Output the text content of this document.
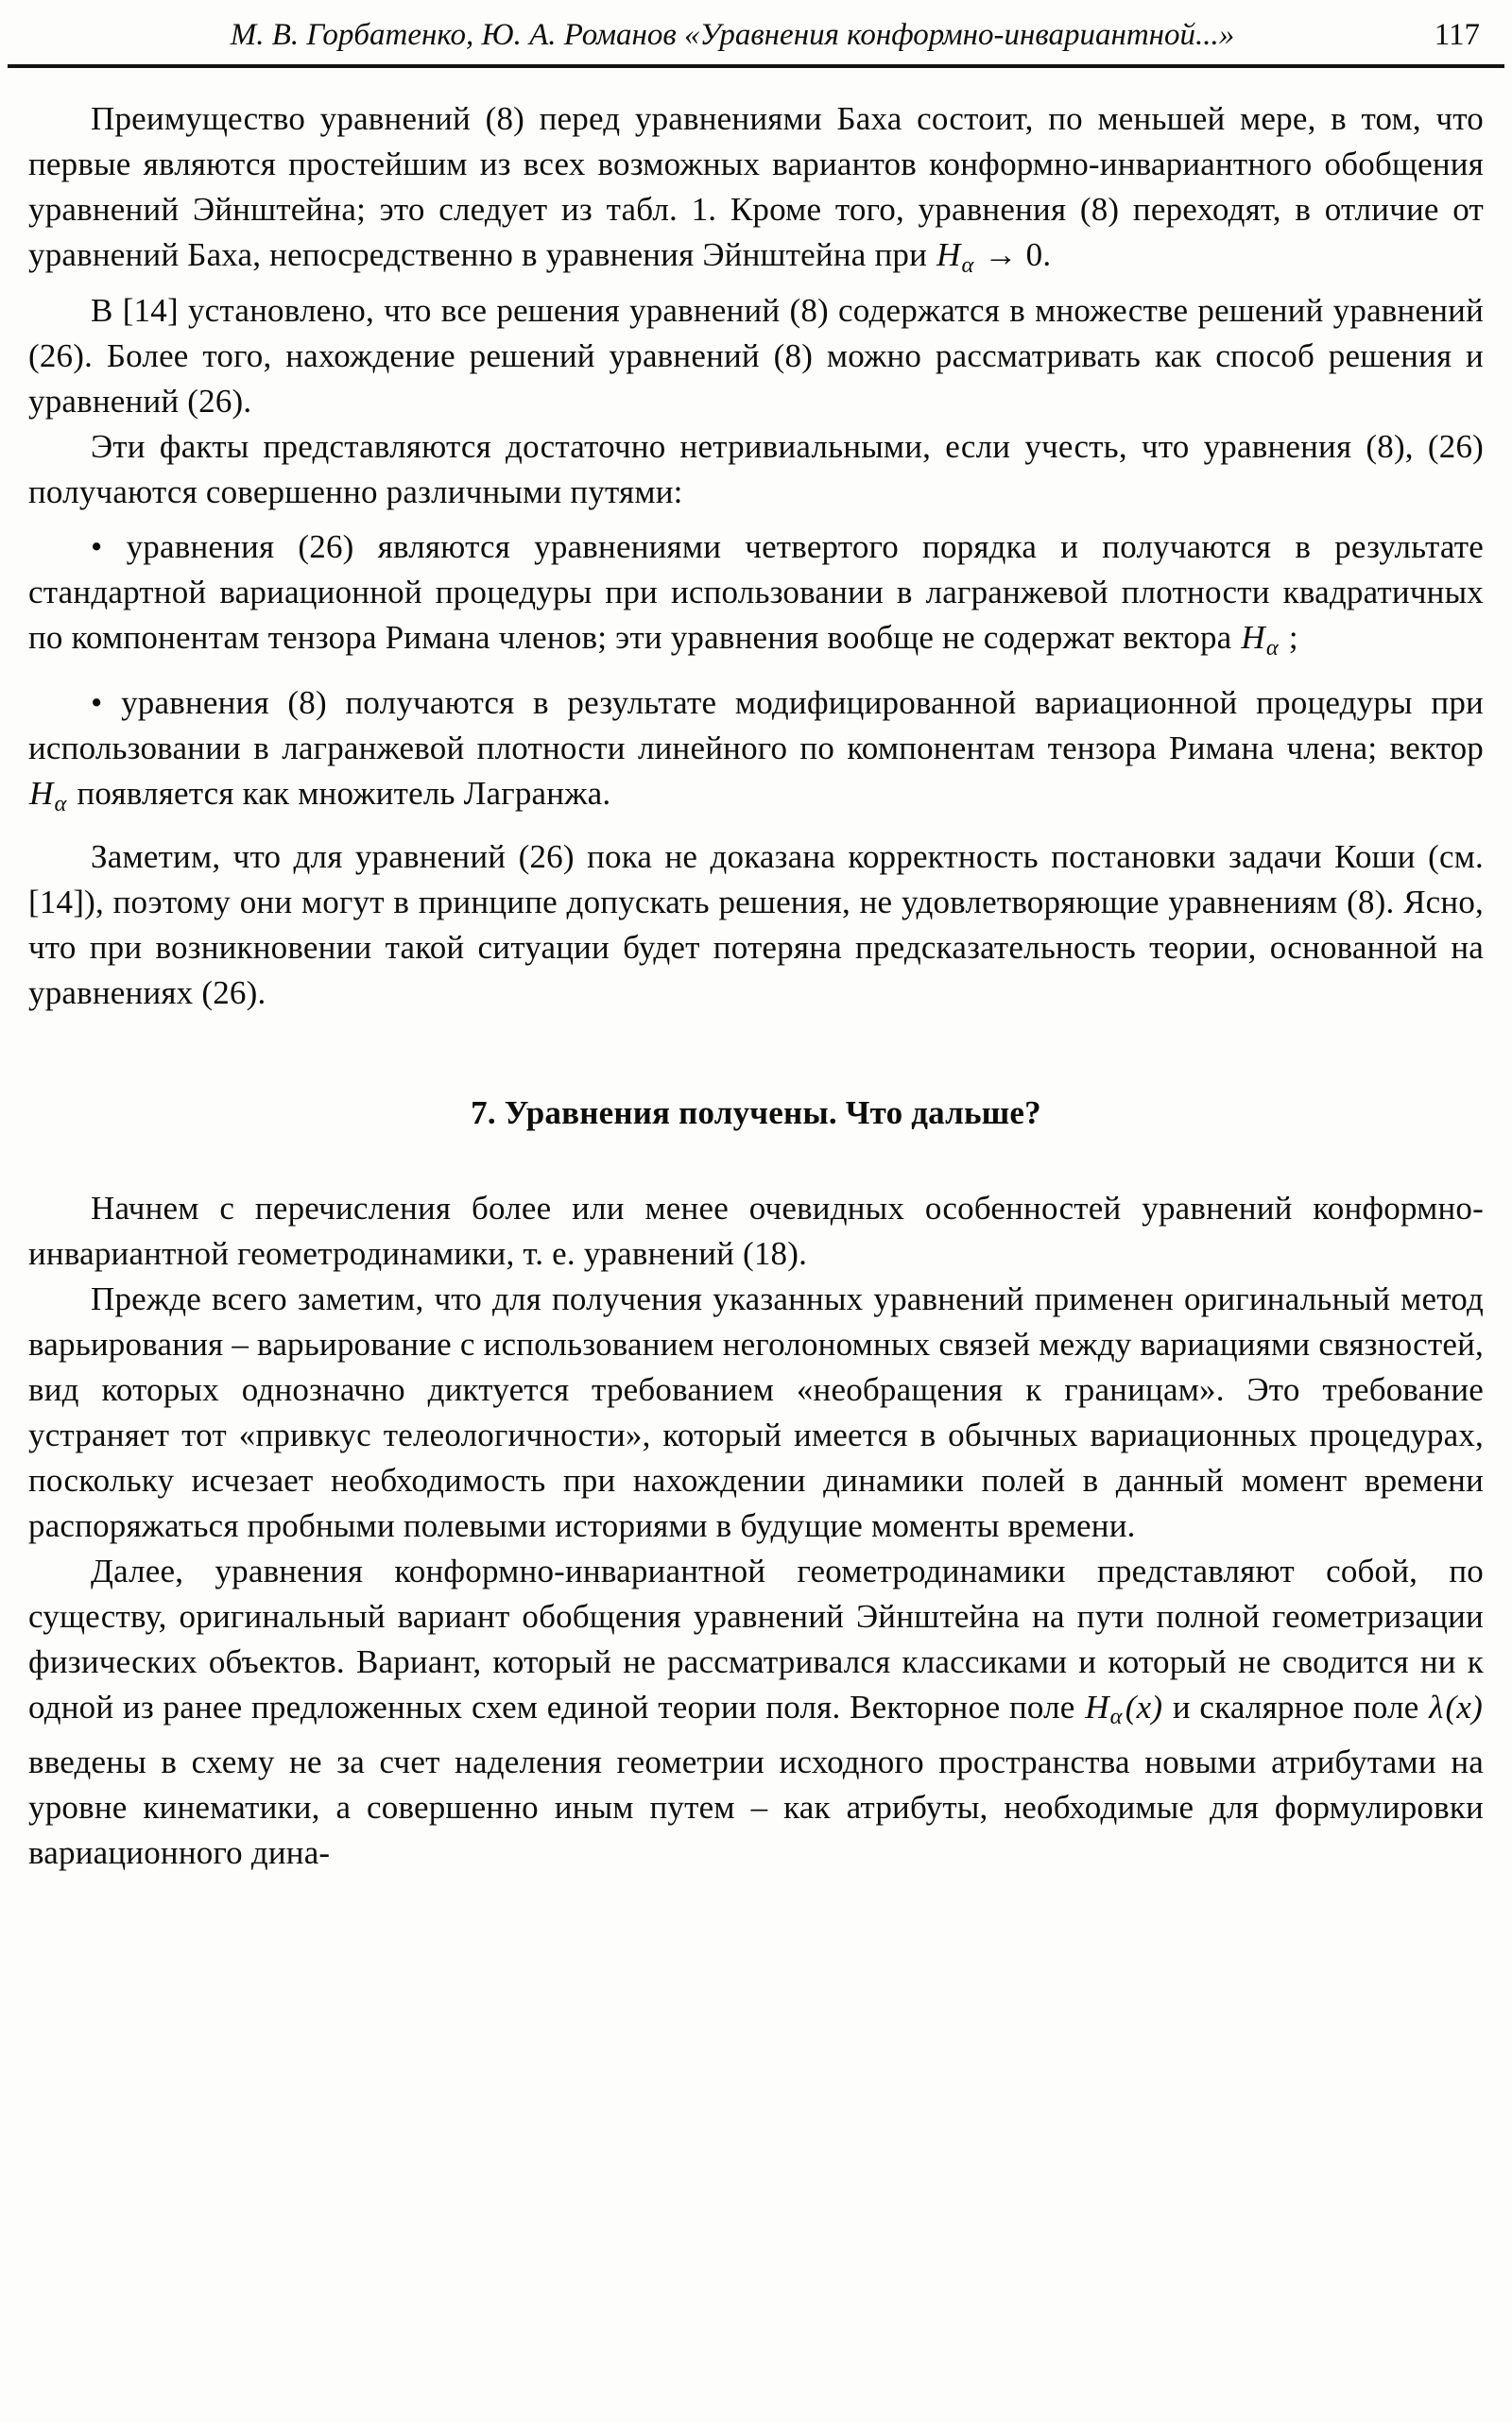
М. В. Горбатенко, Ю. А. Романов «Уравнения конформно-инвариантной...»	117

Преимущество уравнений (8) перед уравнениями Баха состоит, по меньшей мере, в том, что первые являются простейшим из всех возможных вариантов конформно-инвариантного обобщения уравнений Эйнштейна; это следует из табл. 1. Кроме того, уравнения (8) переходят, в отличие от уравнений Баха, непосредственно в уравнения Эйнштейна при Hα → 0.

В [14] установлено, что все решения уравнений (8) содержатся в множестве решений уравнений (26). Более того, нахождение решений уравнений (8) можно рассматривать как способ решения и уравнений (26).

Эти факты представляются достаточно нетривиальными, если учесть, что уравнения (8), (26) получаются совершенно различными путями:

• уравнения (26) являются уравнениями четвертого порядка и получаются в результате стандартной вариационной процедуры при использовании в лагранжевой плотности квадратичных по компонентам тензора Римана членов; эти уравнения вообще не содержат вектора Hα ;

• уравнения (8) получаются в результате модифицированной вариационной процедуры при использовании в лагранжевой плотности линейного по компонентам тензора Римана члена; вектор Hα появляется как множитель Лагранжа.

Заметим, что для уравнений (26) пока не доказана корректность постановки задачи Коши (см. [14]), поэтому они могут в принципе допускать решения, не удовлетворяющие уравнениям (8). Ясно, что при возникновении такой ситуации будет потеряна предсказательность теории, основанной на уравнениях (26).

7. Уравнения получены. Что дальше?

Начнем с перечисления более или менее очевидных особенностей уравнений конформно-инвариантной геометродинамики, т. е. уравнений (18).

Прежде всего заметим, что для получения указанных уравнений применен оригинальный метод варьирования – варьирование с использованием неголономных связей между вариациями связностей, вид которых однозначно диктуется требованием «необращения к границам». Это требование устраняет тот «привкус телеологичности», который имеется в обычных вариационных процедурах, поскольку исчезает необходимость при нахождении динамики полей в данный момент времени распоряжаться пробными полевыми историями в будущие моменты времени.

Далее, уравнения конформно-инвариантной геометродинамики представляют собой, по существу, оригинальный вариант обобщения уравнений Эйнштейна на пути полной геометризации физических объектов. Вариант, который не рассматривался классиками и который не сводится ни к одной из ранее предложенных схем единой теории поля. Векторное поле Hα(x) и скалярное поле λ(x) введены в схему не за счет наделения геометрии исходного пространства новыми атрибутами на уровне кинематики, а совершенно иным путем – как атрибуты, необходимые для формулировки вариационного дина-
